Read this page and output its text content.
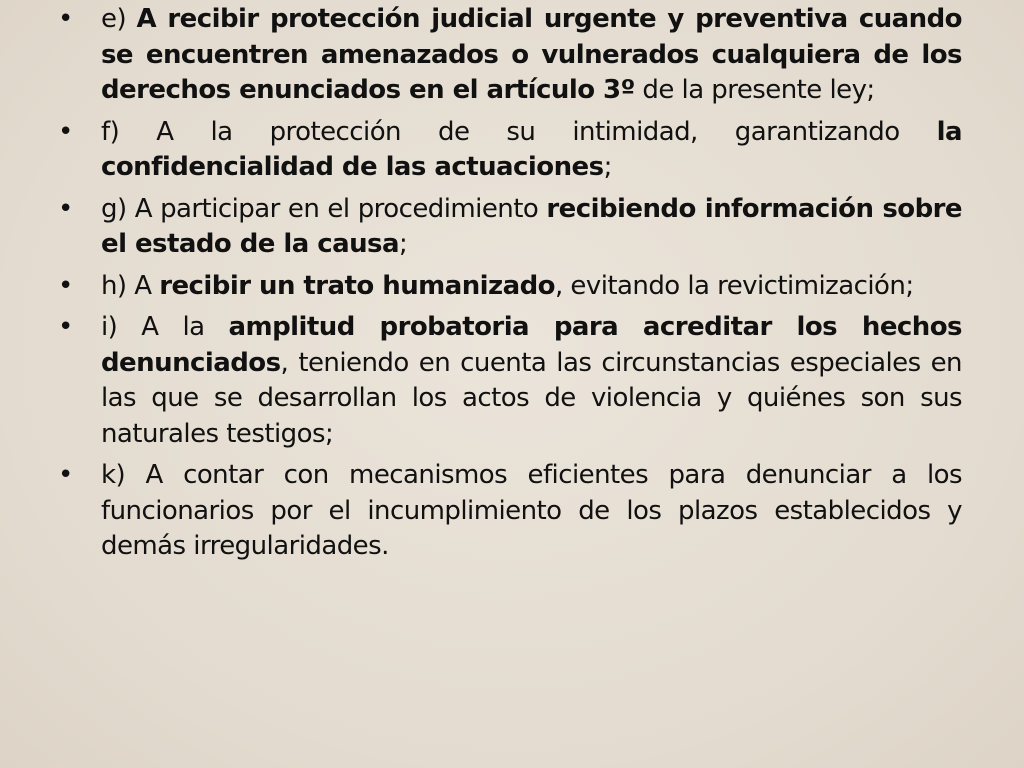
• e) A recibir protección judicial urgente y preventiva cuando se encuentren amenazados o vulnerados cualquiera de los derechos enunciados en el artículo 3º de la presente ley;
• f) A la protección de su intimidad, garantizando la confidencialidad de las actuaciones;
• g) A participar en el procedimiento recibiendo información sobre el estado de la causa;
• h) A recibir un trato humanizado, evitando la revictimización;
• i) A la amplitud probatoria para acreditar los hechos denunciados, teniendo en cuenta las circunstancias especiales en las que se desarrollan los actos de violencia y quiénes son sus naturales testigos;
• k) A contar con mecanismos eficientes para denunciar a los funcionarios por el incumplimiento de los plazos establecidos y demás irregularidades.
